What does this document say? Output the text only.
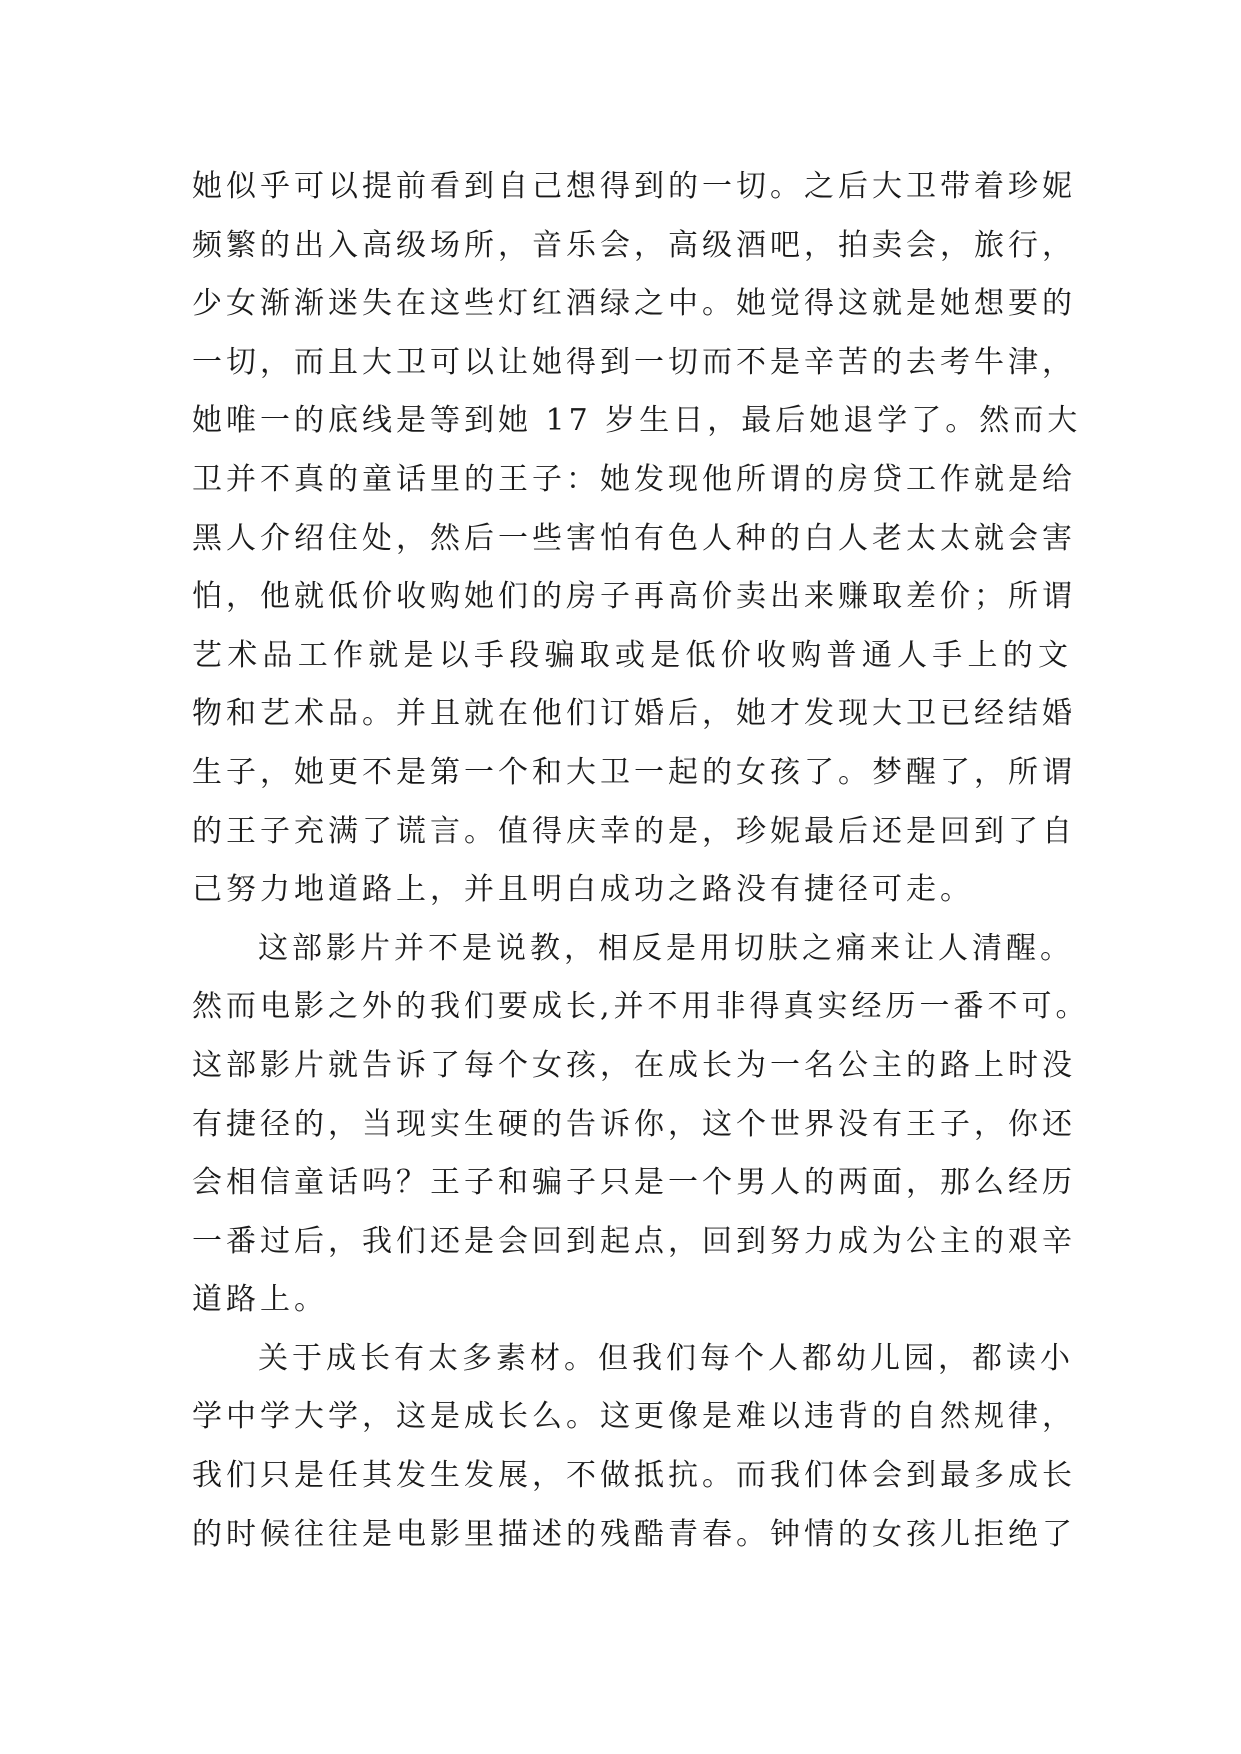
她似乎可以提前看到自己想得到的一切。之后大卫带着珍妮
频繁的出入高级场所，音乐会，高级酒吧，拍卖会，旅行，
少女渐渐迷失在这些灯红酒绿之中。她觉得这就是她想要的
一切，而且大卫可以让她得到一切而不是辛苦的去考牛津，
她唯一的底线是等到她 17 岁生日，最后她退学了。然而大
卫并不真的童话里的王子：她发现他所谓的房贷工作就是给
黑人介绍住处，然后一些害怕有色人种的白人老太太就会害
怕，他就低价收购她们的房子再高价卖出来赚取差价；所谓
艺术品工作就是以手段骗取或是低价收购普通人手上的文
物和艺术品。并且就在他们订婚后，她才发现大卫已经结婚
生子，她更不是第一个和大卫一起的女孩了。梦醒了，所谓
的王子充满了谎言。值得庆幸的是，珍妮最后还是回到了自
己努力地道路上，并且明白成功之路没有捷径可走。
这部影片并不是说教，相反是用切肤之痛来让人清醒。
然而电影之外的我们要成长,并不用非得真实经历一番不可。
这部影片就告诉了每个女孩，在成长为一名公主的路上时没
有捷径的，当现实生硬的告诉你，这个世界没有王子，你还
会相信童话吗？王子和骗子只是一个男人的两面，那么经历
一番过后，我们还是会回到起点，回到努力成为公主的艰辛
道路上。
关于成长有太多素材。但我们每个人都幼儿园，都读小
学中学大学，这是成长么。这更像是难以违背的自然规律，
我们只是任其发生发展，不做抵抗。而我们体会到最多成长
的时候往往是电影里描述的残酷青春。钟情的女孩儿拒绝了
